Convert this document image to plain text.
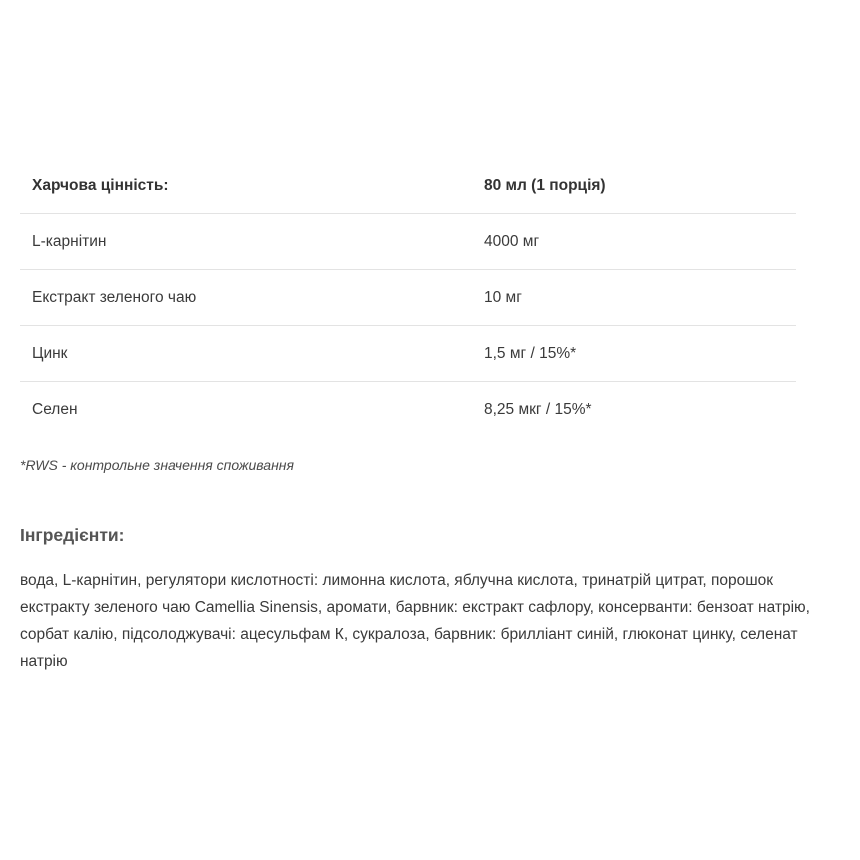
Харчова цінність:	80 мл (1 порція)
L-карнітин	4000 мг
Екстракт зеленого чаю	10 мг
Цинк	1,5 мг / 15%*
Селен	8,25 мкг / 15%*
*RWS - контрольне значення споживання
Інгредієнти:

вода, L-карнітин, регулятори кислотності: лимонна кислота, яблучна кислота, тринатрій цитрат, порошок екстракту зеленого чаю Camellia Sinensis, аромати, барвник: екстракт сафлору, консерванти: бензоат натрію, сорбат калію, підсолоджувачі: ацесульфам К, сукралоза, барвник: брилліант синій, глюконат цинку, селенат натрію
